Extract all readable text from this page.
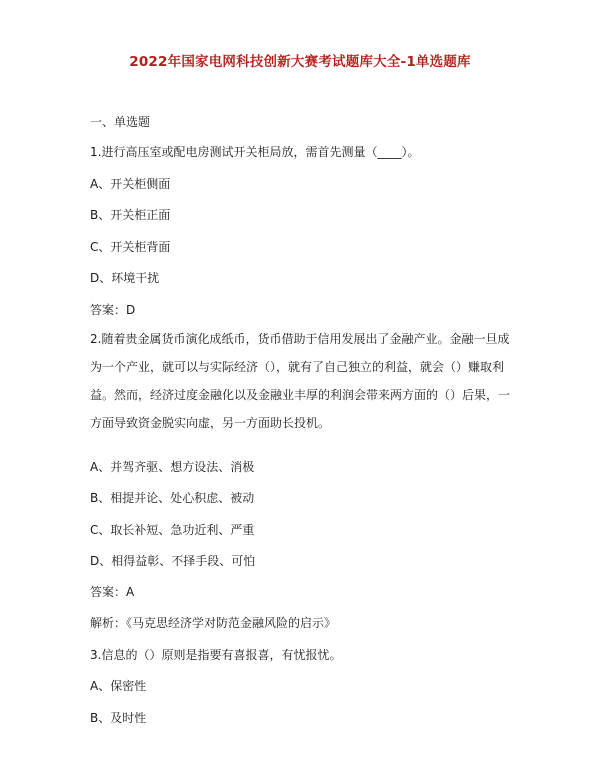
2022年国家电网科技创新大赛考试题库大全-1单选题库
一、单选题
1.进行高压室或配电房测试开关柜局放，需首先测量（____）。
A、开关柜侧面
B、开关柜正面
C、开关柜背面
D、环境干扰
答案：D
2.随着贵金属货币演化成纸币，货币借助于信用发展出了金融产业。金融一旦成为一个产业，就可以与实际经济（），就有了自己独立的利益，就会（）赚取利益。然而，经济过度金融化以及金融业丰厚的利润会带来两方面的（）后果，一方面导致资金脱实向虚，另一方面助长投机。
A、并驾齐驱、想方设法、消极
B、相提并论、处心积虑、被动
C、取长补短、急功近利、严重
D、相得益彰、不择手段、可怕
答案：A
解析：《马克思经济学对防范金融风险的启示》
3.信息的（）原则是指要有喜报喜，有忧报忧。
A、保密性
B、及时性
